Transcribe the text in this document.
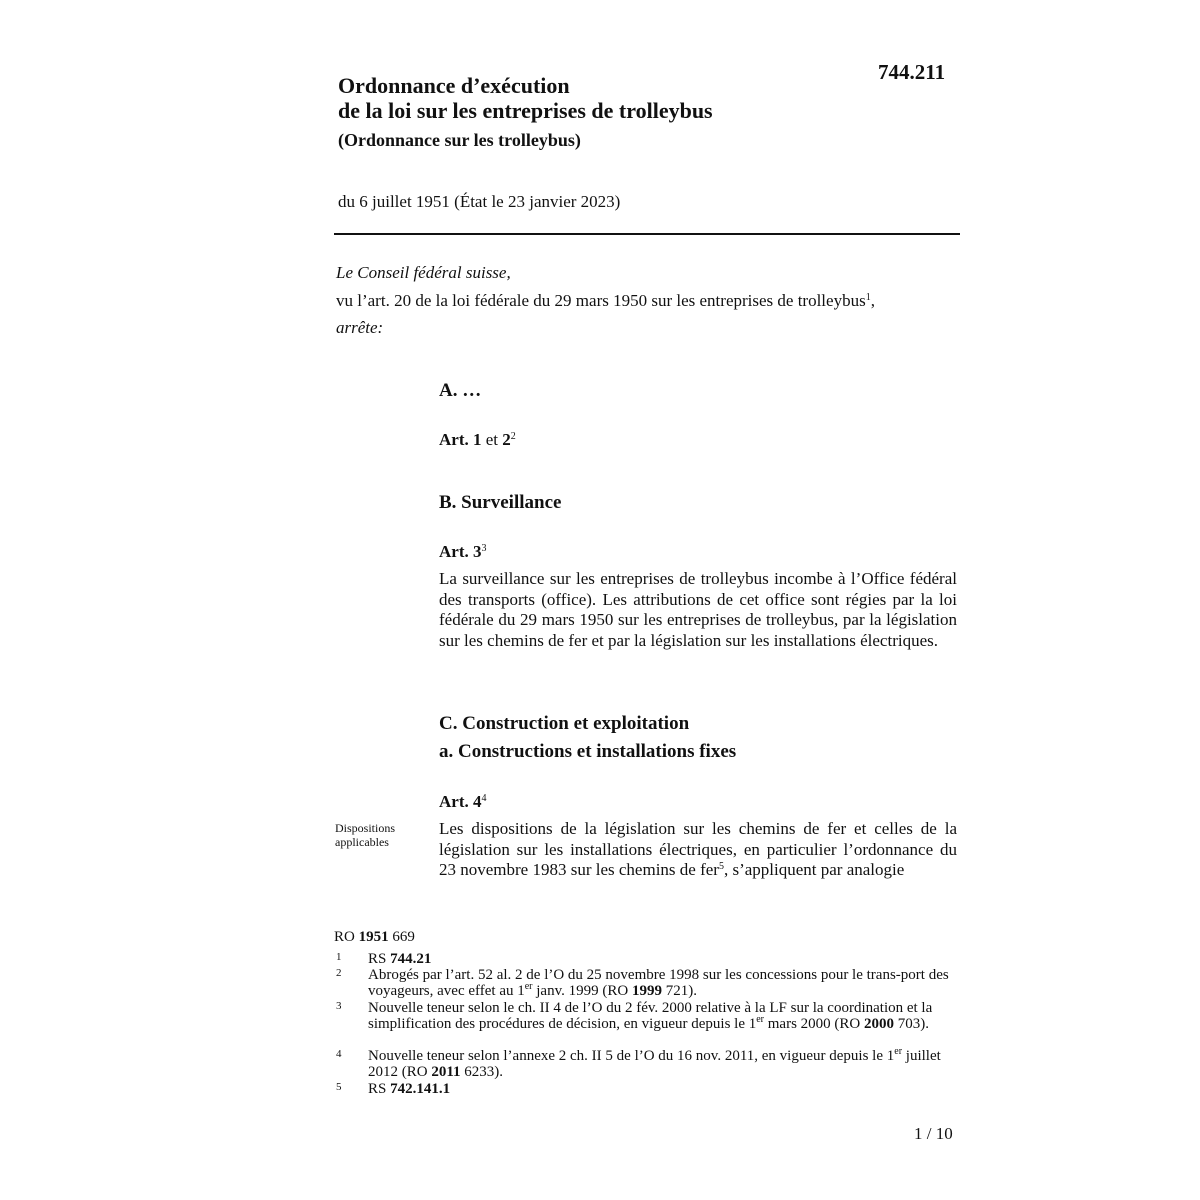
744.211
Ordonnance d’exécution
de la loi sur les entreprises de trolleybus
(Ordonnance sur les trolleybus)
du 6 juillet 1951 (État le 23 janvier 2023)
Le Conseil fédéral suisse,
vu l’art. 20 de la loi fédérale du 29 mars 1950 sur les entreprises de trolleybus$^1$,
arrête:
A. …
Art. 1 et $2^2$
B. Surveillance
Art. $3^3$
La surveillance sur les entreprises de trolleybus incombe à l’Office fédéral des transports (office). Les attributions de cet office sont régies par la loi fédérale du 29 mars 1950 sur les entreprises de trolleybus, par la législation sur les chemins de fer et par la législation sur les installations électriques.
C. Construction et exploitation
a. Constructions et installations fixes
Art. $4^4$
Dispositions applicables
Les dispositions de la législation sur les chemins de fer et celles de la législation sur les installations électriques, en particulier l’ordonnance du 23 novembre 1983 sur les chemins de fer$^5$, s’appliquent par analogie
RO 1951 669
1 RS 744.21
2 Abrogés par l’art. 52 al. 2 de l’O du 25 novembre 1998 sur les concessions pour le trans-port des voyageurs, avec effet au 1er janv. 1999 (RO 1999 721).
3 Nouvelle teneur selon le ch. II 4 de l’O du 2 fév. 2000 relative à la LF sur la coordination et la simplification des procédures de décision, en vigueur depuis le 1er mars 2000 (RO 2000 703).
4 Nouvelle teneur selon l’annexe 2 ch. II 5 de l’O du 16 nov. 2011, en vigueur depuis le 1er juillet 2012 (RO 2011 6233).
5 RS 742.141.1
1 / 10
